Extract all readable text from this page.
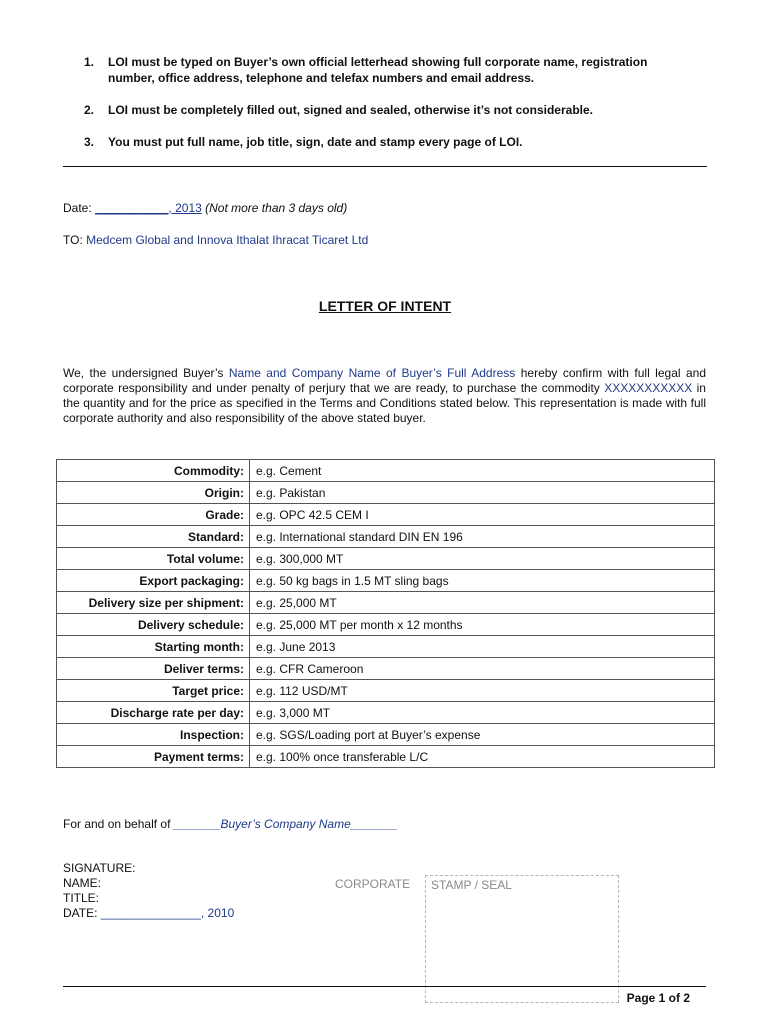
1.	LOI must be typed on Buyer’s own official letterhead showing full corporate name, registration number, office address, telephone and telefax numbers and email address.
2.	LOI must be completely filled out, signed and sealed, otherwise it’s not considerable.
3.	You must put full name, job title, sign, date and stamp every page of LOI.
Date: ___________, 2013 (Not more than 3 days old)
TO: Medcem Global and Innova Ithalat Ihracat Ticaret Ltd
LETTER OF INTENT
We, the undersigned Buyer’s Name and Company Name of Buyer’s Full Address hereby confirm with full legal and corporate responsibility and under penalty of perjury that we are ready, to purchase the commodity XXXXXXXXXXX in the quantity and for the price as specified in the Terms and Conditions stated below. This representation is made with full corporate authority and also responsibility of the above stated buyer.
Commodity:	e.g. Cement
Origin:	e.g. Pakistan
Grade:	e.g. OPC 42.5 CEM I
Standard:	e.g. International standard DIN EN 196
Total volume:	e.g. 300,000 MT
Export packaging:	e.g. 50 kg bags in 1.5 MT sling bags
Delivery size per shipment:	e.g. 25,000 MT
Delivery schedule:	e.g. 25,000 MT per month x 12 months
Starting month:	e.g. June 2013
Deliver terms:	e.g. CFR Cameroon
Target price:	e.g. 112 USD/MT
Discharge rate per day:	e.g. 3,000 MT
Inspection:	e.g. SGS/Loading port at Buyer’s expense
Payment terms:	e.g. 100% once transferable L/C
For and on behalf of _______Buyer’s Company Name_______
SIGNATURE:
NAME:
TITLE:
DATE: _______________, 2010
CORPORATE STAMP / SEAL
Page 1 of 2
